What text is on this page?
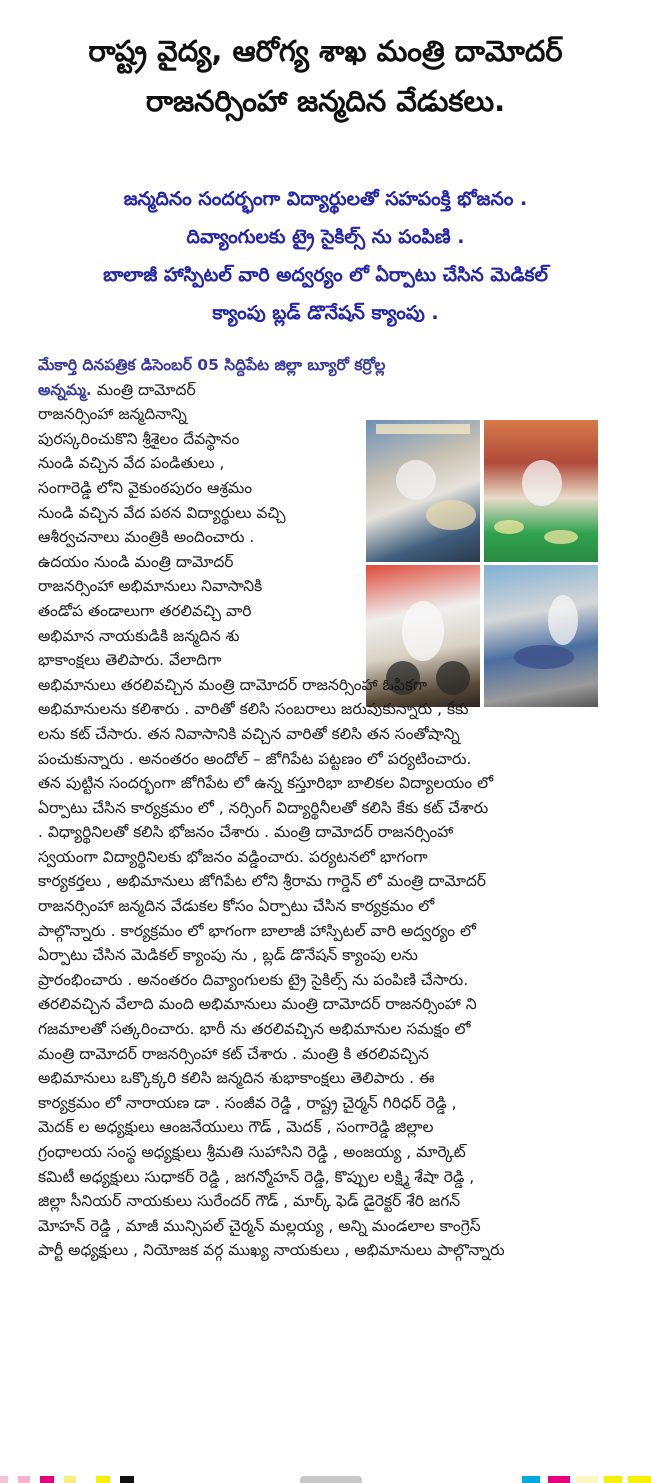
రాష్ట్ర వైద్య, ఆరోగ్య శాఖ మంత్రి దామోదర్
రాజనర్సింహా జన్మదిన వేడుకలు.
జన్మదినం సందర్భంగా విద్యార్థులతో సహపంక్తి భోజనం .
దివ్యాంగులకు ట్రై సైకిల్స్ ను పంపిణి .
బాలాజీ హాస్పిటల్ వారి అద్వర్యం లో ఏర్పాటు చేసిన మెడికల్
క్యాంపు బ్లడ్ డొనేషన్ క్యాంపు .
మేకార్తి దినపత్రిక డిసెంబర్ 05 సిద్దిపేట జిల్లా బ్యూరో కర్రోల్ల
అన్నమ్మ. మంత్రి దామోదర్
రాజనర్సింహా జన్మదినాన్ని
పురస్కరించుకొని శ్రీశైలం దేవస్థానం
నుండి వచ్చిన వేద పండితులు ,
సంగారెడ్డి లోని వైకుంఠపురం ఆశ్రమం
నుండి వచ్చిన వేద పఠన విద్యార్థులు వచ్చి
ఆశీర్వచనాలు మంత్రికి అందించారు .
ఉదయం నుండి మంత్రి దామోదర్
రాజనర్సింహా అభిమానులు నివాసానికి
తండోప తండాలుగా తరలివచ్చి వారి
అభిమాన నాయకుడికి జన్మదిన శు
భాకాంక్షలు తెలిపారు. వేలాదిగా
అభిమానులు తరలివచ్చిన మంత్రి దామోదర్ రాజనర్సింహా ఓపికగా
అభిమానులను కలిశారు . వారితో కలిసి సంబరాలు జరుపుకున్నారు , కేకు
లను కట్ చేసారు. తన నివాసానికి వచ్చిన వారితో కలిసి తన సంతోషాన్ని
పంచుకున్నారు . అనంతరం అందోల్ – జోగిపేట పట్టణం లో పర్యటించారు.
తన పుట్టిన సందర్భంగా జోగిపేట లో ఉన్న కస్తూరిభా బాలికల విద్యాలయం లో
ఏర్పాటు చేసిన కార్యక్రమం లో , నర్సింగ్ విద్యార్థినీలతో కలిసి కేకు కట్ చేశారు
. విధ్యార్థినిలతో కలిసి భోజనం చేశారు . మంత్రి దామోదర్ రాజనర్సింహా
స్వయంగా విద్యార్థినిలకు భోజనం వడ్డించారు. పర్యటనలో భాగంగా
కార్యకర్తలు , అభిమానులు జోగిపేట లోని శ్రీరామ గార్డెన్ లో మంత్రి దామోదర్
రాజనర్సింహా జన్మదిన వేడుకల కోసం ఏర్పాటు చేసిన కార్యక్రమం లో
పాల్గొన్నారు . కార్యక్రమం లో భాగంగా బాలాజీ హాస్పిటల్ వారి అద్వర్యం లో
ఏర్పాటు చేసిన మెడికల్ క్యాంపు ను , బ్లడ్ డొనేషన్ క్యాంపు లను
ప్రారంభించారు . అనంతరం దివ్యాంగులకు ట్రై సైకిల్స్ ను పంపిణి చేసారు.
తరలివచ్చిన వేలాది మంది అభిమానులు మంత్రి దామోదర్ రాజనర్సింహా ని
గజమాలతో సత్కరించారు. భారీ ను తరలివచ్చిన అభిమానుల సమక్షం లో
మంత్రి దామోదర్ రాజనర్సింహా కట్ చేశారు . మంత్రి కి తరలివచ్చిన
అభిమానులు ఒక్కొక్కరి కలిసి జన్మదిన శుభాకాంక్షలు తెలిపారు . ఈ
కార్యక్రమం లో నారాయణ డా . సంజీవ రెడ్డి , రాష్ట్ర చైర్మన్ గిరిధర్ రెడ్డి ,
మెదక్ ల అధ్యక్షులు ఆంజనేయులు గౌడ్ , మెదక్ , సంగారెడ్డి జిల్లాల
గ్రంధాలయ సంస్థ అధ్యక్షులు శ్రీమతి సుహాసిని రెడ్డి , అంజయ్య , మార్కెట్
కమిటీ అధ్యక్షులు సుధాకర్ రెడ్డి , జగన్మోహన్ రెడ్డి, కొప్పుల లక్ష్మి శేషా రెడ్డి ,
జిల్లా సీనియర్ నాయకులు సురేందర్ గౌడ్ , మార్క్ ఫెడ్ డైరెక్టర్ శేరి జగన్
మోహన్ రెడ్డి , మాజీ మున్సిపల్ చైర్మన్ మల్లయ్య , అన్ని మండలాల కాంగ్రెస్
పార్టీ అధ్యక్షులు , నియోజక వర్గ ముఖ్య నాయకులు , అభిమానులు పాల్గొన్నారు
